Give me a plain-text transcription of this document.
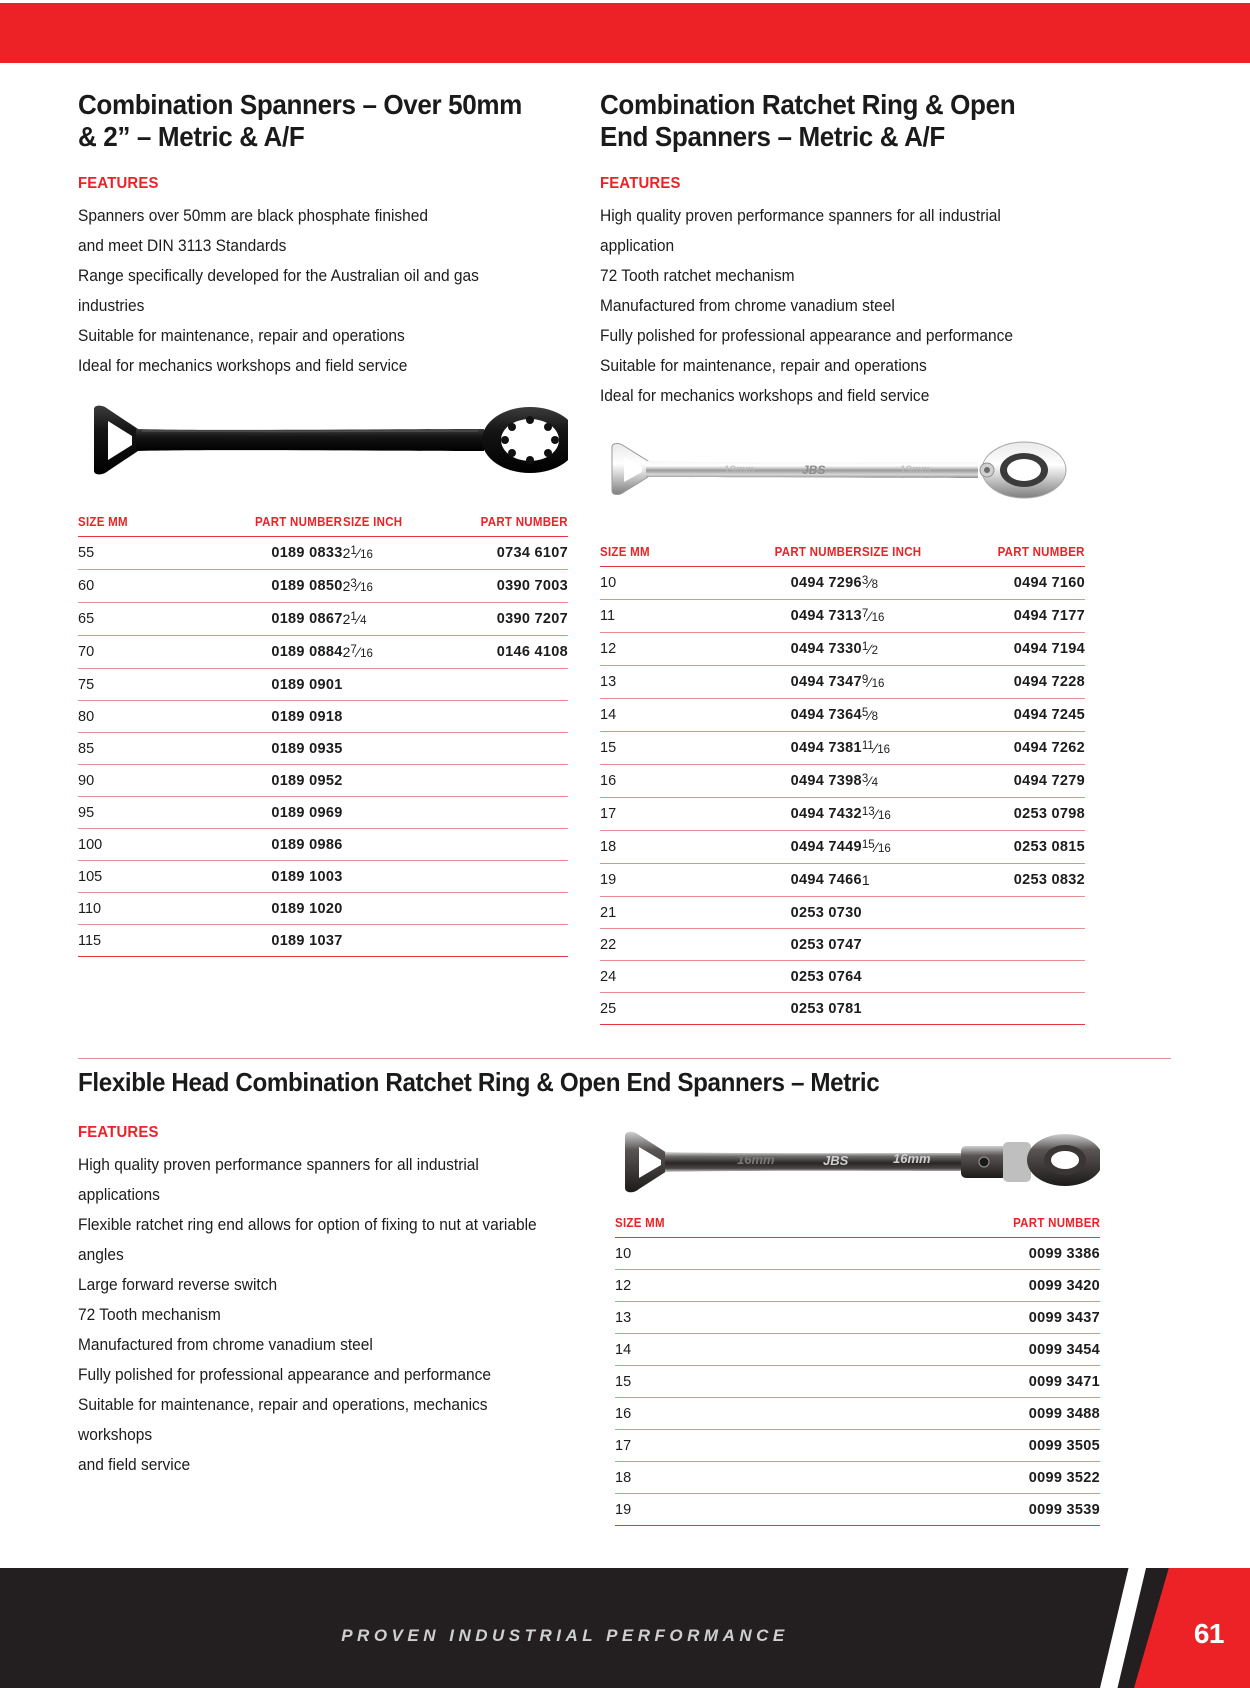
Combination Spanners – Over 50mm & 2” – Metric & A/F
FEATURES
Spanners over 50mm are black phosphate finished
and meet DIN 3113 Standards
Range specifically developed for the Australian oil and gas industries
Suitable for maintenance, repair and operations
Ideal for mechanics workshops and field service
SIZE MM	PART NUMBER	SIZE INCH	PART NUMBER
55	0189 0833	$2^1⁄16$	0734 6107
60	0189 0850	$2^3⁄16$	0390 7003
65	0189 0867	$2^1⁄4$	0390 7207
70	0189 0884	$2^7⁄16$	0146 4108
75	0189 0901		
80	0189 0918		
85	0189 0935		
90	0189 0952		
95	0189 0969		
100	0189 0986		
105	0189 1003		
110	0189 1020		
115	0189 1037		
Combination Ratchet Ring & Open End Spanners – Metric & A/F
FEATURES
High quality proven performance spanners for all industrial application
72 Tooth ratchet mechanism
Manufactured from chrome vanadium steel
Fully polished for professional appearance and performance
Suitable for maintenance, repair and operations
Ideal for mechanics workshops and field service
19mm	JBS	19mm
SIZE MM	PART NUMBER	SIZE INCH	PART NUMBER
10	0494 7296	$^3$⁄8	0494 7160
11	0494 7313	$^7$⁄16	0494 7177
12	0494 7330	$^1$⁄2	0494 7194
13	0494 7347	$^9$⁄16	0494 7228
14	0494 7364	$^5$⁄8	0494 7245
15	0494 7381	$^{11}$⁄16	0494 7262
16	0494 7398	$^3$⁄4	0494 7279
17	0494 7432	$^{13}$⁄16	0253 0798
18	0494 7449	$^{15}$⁄16	0253 0815
19	0494 7466	1	0253 0832
21	0253 0730		
22	0253 0747		
24	0253 0764		
25	0253 0781		
Flexible Head Combination Ratchet Ring & Open End Spanners – Metric
FEATURES
High quality proven performance spanners for all industrial applications
Flexible ratchet ring end allows for option of fixing to nut at variable angles
Large forward reverse switch
72 Tooth mechanism
Manufactured from chrome vanadium steel
Fully polished for professional appearance and performance
Suitable for maintenance, repair and operations, mechanics workshops
and field service
16mm	JBS	16mm
SIZE MM	PART NUMBER
10	0099 3386
12	0099 3420
13	0099 3437
14	0099 3454
15	0099 3471
16	0099 3488
17	0099 3505
18	0099 3522
19	0099 3539
PROVEN INDUSTRIAL PERFORMANCE	61
